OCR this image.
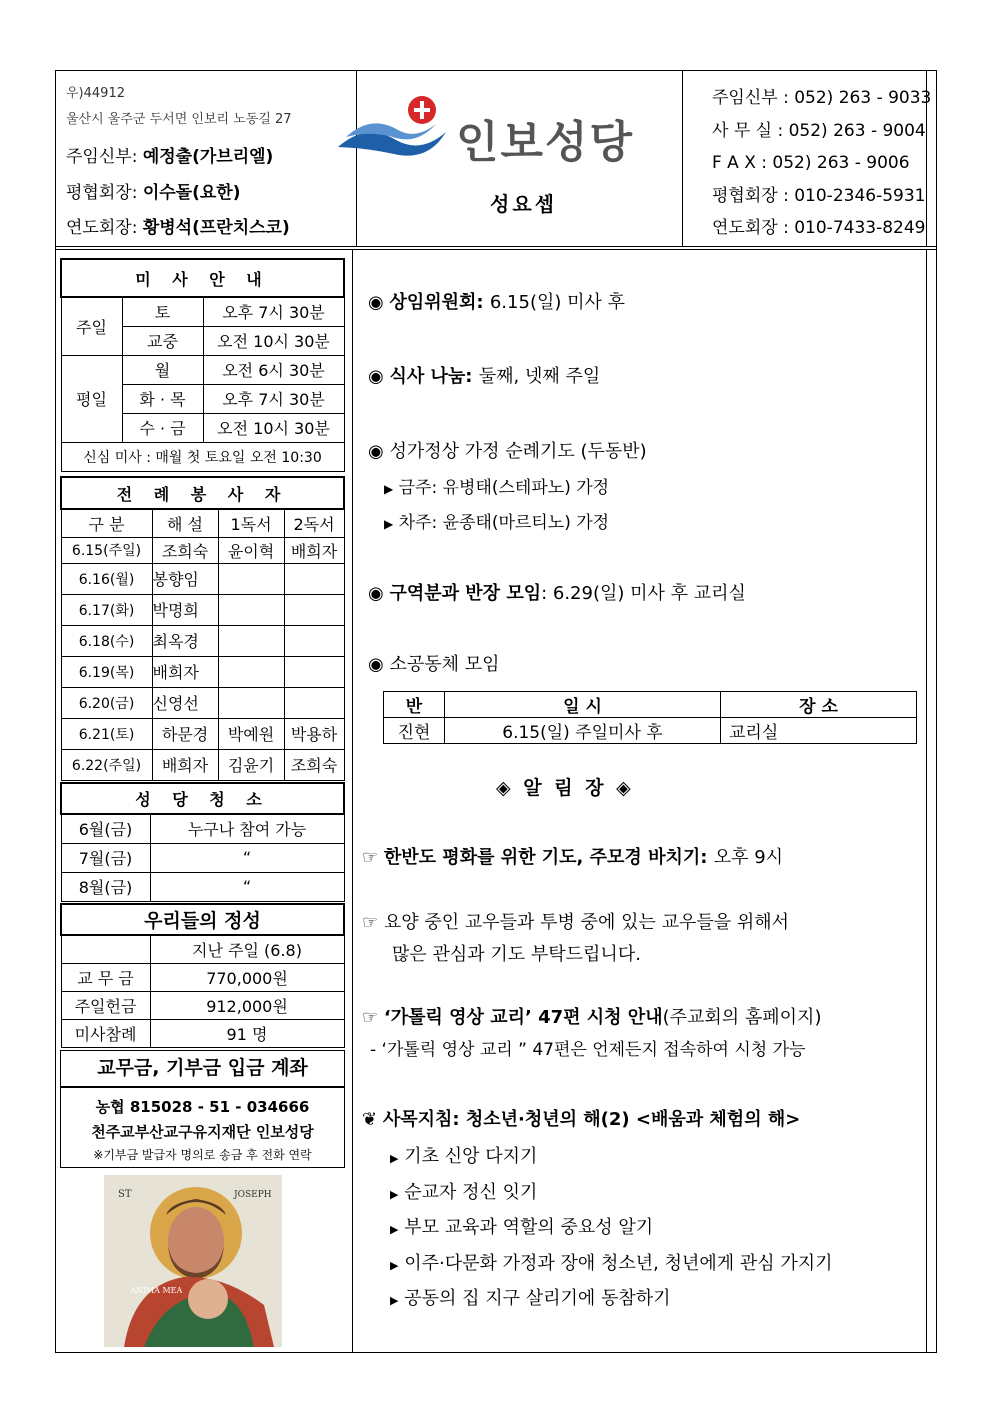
우)44912
울산시 울주군 두서면 인보리 노동길 27
주임신부: 예정출(가브리엘)
평협회장: 이수돌(요한)
연도회장: 황병석(프란치스코)
인보성당
성요셉
주임신부 : 052) 263 - 9033
사 무 실 : 052) 263 - 9004
F A X : 052) 263 - 9006
평협회장 : 010-2346-5931
연도회장 : 010-7433-8249
미 사 안 내		
주일	토	오후 7시 30분
	교중	오전 10시 30분
평일	월	오전 6시 30분
	화 · 목	오후 7시 30분
	수 · 금	오전 10시 30분
신심 미사 : 매월 첫 토요일 오전 10:30		
전 례 봉 사 자			
구 분	해 설	1독서	2독서
6.15(주일)	조희숙	윤이혁	배희자
6.16(월)	봉향임		
6.17(화)	박명희		
6.18(수)	최옥경		
6.19(목)	배희자		
6.20(금)	신영선		
6.21(토)	하문경	박예원	박용하
6.22(주일)	배희자	김윤기	조희숙
성 당 청 소	
6월(금)	누구나 참여 가능
7월(금)	“
8월(금)	“
우리들의 정성	
	지난 주일 (6.8)
교 무 금	770,000원
주일헌금	912,000원
미사참례	91 명
교무금, 기부금 입금 계좌
농협 815028 - 51 - 034666
천주교부산교구유지재단 인보성당
※기부금 발급자 명의로 송금 후 전화 연락
ST	JOSEPH
ANIMA MEA
◉ 상임위원회: 6.15(일) 미사 후
◉ 식사 나눔: 둘째, 넷째 주일
◉ 성가정상 가정 순례기도 (두동반)
▶ 금주: 유병태(스테파노) 가정
▶ 차주: 윤종태(마르티노) 가정
◉ 구역분과 반장 모임: 6.29(일) 미사 후 교리실
◉ 소공동체 모임
반	일 시	장 소
진현	6.15(일) 주일미사 후	교리실
◈ 알 림 장 ◈
☞ 한반도 평화를 위한 기도, 주모경 바치기: 오후 9시
☞ 요양 중인 교우들과 투병 중에 있는 교우들을 위해서
많은 관심과 기도 부탁드립니다.
☞ ‘가톨릭 영상 교리’ 47편 시청 안내(주교회의 홈페이지)
- ‘가톨릭 영상 교리 ” 47편은 언제든지 접속하여 시청 가능
❦ 사목지침: 청소년·청년의 해(2) <배움과 체험의 해>
▶ 기초 신앙 다지기
▶ 순교자 정신 잇기
▶ 부모 교육과 역할의 중요성 알기
▶ 이주·다문화 가정과 장애 청소년, 청년에게 관심 가지기
▶ 공동의 집 지구 살리기에 동참하기
